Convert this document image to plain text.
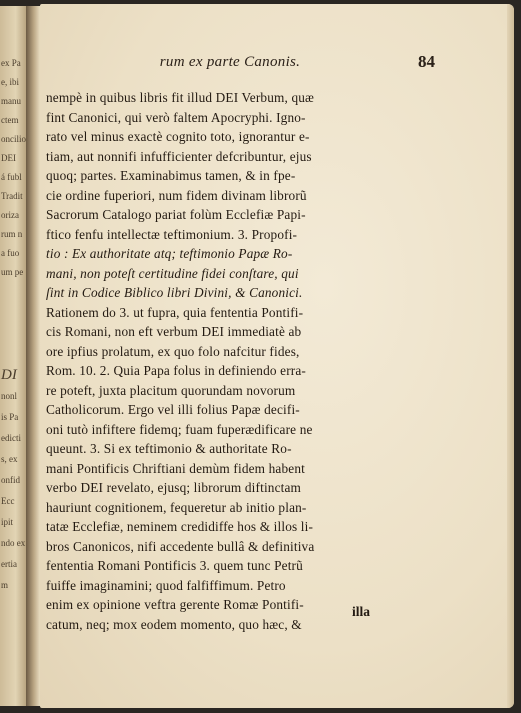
ex Pa
e, ibi
manu
ctem
oncilio
DEI
á fubl
Tradit
oriza
rum n
a fuo
um pe
DI
nonl
is Pa
edicti
s, ex
onfid
Ecc
ipit
ndo ex
ertia
m
rum ex parte Canonis.	84
nempè in quibus libris fit illud DEI Verbum, quæ
fint Canonici, qui verò faltem Apocryphi. Igno-
rato vel minus exactè cognito toto, ignorantur e-
tiam, aut nonnifi infufficienter defcribuntur, ejus
quoq; partes. Examinabimus tamen, & in fpe-
cie ordine fuperiori, num fidem divinam librorũ
Sacrorum Catalogo pariat folùm Ecclefiæ Papi-
ftico fenfu intellectæ teftimonium. 3. Propofi-
tio : Ex authoritate atq; teftimonio Papæ Ro-
mani, non poteſt certitudine fidei conſtare, qui
ſint in Codice Biblico libri Divini, & Canonici.
Rationem do 3. ut fupra, quia fententia Pontifi-
cis Romani, non eft verbum DEI immediatè ab
ore ipfius prolatum, ex quo folo nafcitur fides,
Rom. 10. 2. Quia Papa folus in definiendo erra-
re poteft, juxta placitum quorundam novorum
Catholicorum. Ergo vel illi folius Papæ decifi-
oni tutò infiftere fidemq; fuam fuperædificare ne
queunt. 3. Si ex teftimonio & authoritate Ro-
mani Pontificis Chriftiani demùm fidem habent
verbo DEI revelato, ejusq; librorum diftinctam
hauriunt cognitionem, fequeretur ab initio plan-
tatæ Ecclefiæ, neminem credidiffe hos & illos li-
bros Canonicos, nifi accedente bullâ & definitiva
fententia Romani Pontificis 3. quem tunc Petrũ
fuiffe imaginamini; quod falfiffimum. Petro
enim ex opinione veftra gerente Romæ Pontifi-
catum, neq; mox eodem momento, quo hæc, &
illa
